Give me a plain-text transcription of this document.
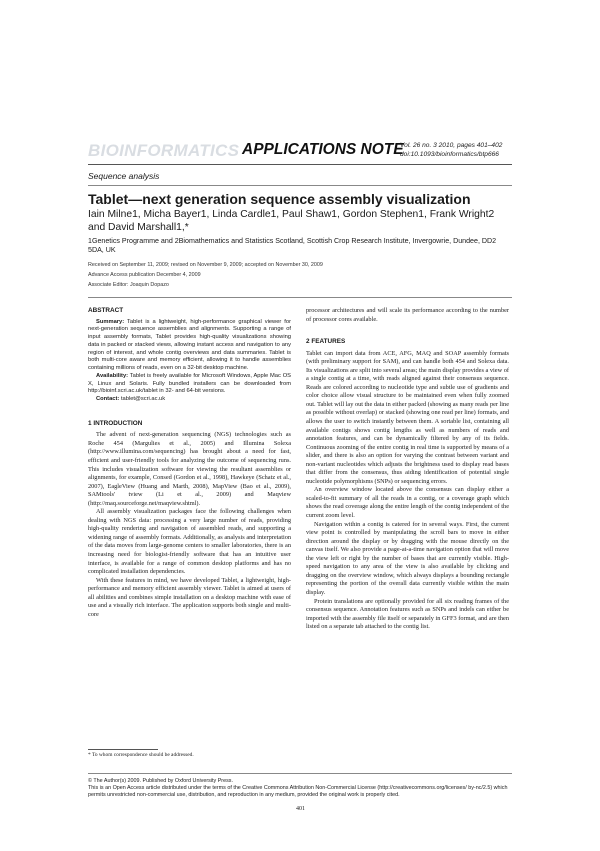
BIOINFORMATICS APPLICATIONS NOTE
Vol. 26 no. 3 2010, pages 401–402
doi:10.1093/bioinformatics/btp666
Sequence analysis
Tablet—next generation sequence assembly visualization
Iain Milne1, Micha Bayer1, Linda Cardle1, Paul Shaw1, Gordon Stephen1, Frank Wright2
and David Marshall1,*
1Genetics Programme and 2Biomathematics and Statistics Scotland, Scottish Crop Research Institute, Invergowrie, Dundee, DD2 5DA, UK
Received on September 11, 2009; revised on November 9, 2009; accepted on November 30, 2009
Advance Access publication December 4, 2009
Associate Editor: Joaquin Dopazo
ABSTRACT

Summary: Tablet is a lightweight, high-performance graphical viewer for next-generation sequence assemblies and alignments. Supporting a range of input assembly formats, Tablet provides high-quality visualizations showing data in packed or stacked views, allowing instant access and navigation to any region of interest, and whole contig overviews and data summaries. Tablet is both multi-core aware and memory efficient, allowing it to handle assemblies containing millions of reads, even on a 32-bit desktop machine.

Availability: Tablet is freely available for Microsoft Windows, Apple Mac OS X, Linux and Solaris. Fully bundled installers can be downloaded from http://bioinf.scri.ac.uk/tablet in 32- and 64-bit versions.

Contact: tablet@scri.ac.uk

1 INTRODUCTION

The advent of next-generation sequencing (NGS) technologies such as Roche 454 (Margulies et al., 2005) and Illumina Solexa (http://www.illumina.com/sequencing) has brought about a need for fast, efficient and user-friendly tools for analyzing the outcome of sequencing runs. This includes visualization software for viewing the resultant assemblies or alignments, for example, Consed (Gordon et al., 1998), Hawkeye (Schatz et al., 2007), EagleView (Huang and Marth, 2008), MapView (Bao et al., 2009), SAMtools' tview (Li et al., 2009) and Maqview (http://maq.sourceforge.net/maqview.shtml).

All assembly visualization packages face the following challenges when dealing with NGS data: processing a very large number of reads, providing high-quality rendering and navigation of assembled reads, and supporting a widening range of assembly formats. Additionally, as analysis and interpretation of the data moves from large-genome centers to smaller laboratories, there is an increasing need for biologist-friendly software that has an intuitive user interface, is available for a range of common desktop platforms and has no complicated installation dependencies.

With these features in mind, we have developed Tablet, a lightweight, high-performance and memory efficient assembly viewer. Tablet is aimed at users of all abilities and combines simple installation on a desktop machine with ease of use and a visually rich interface. The application supports both single and multi-core

processor architectures and will scale its performance according to the number of processor cores available.

2 FEATURES

Tablet can import data from ACE, AFG, MAQ and SOAP assembly formats (with preliminary support for SAM), and can handle both 454 and Solexa data. Its visualizations are split into several areas; the main display provides a view of a single contig at a time, with reads aligned against their consensus sequence. Reads are colored according to nucleotide type and subtle use of gradients and color choice allow visual structure to be maintained even when fully zoomed out. Tablet will lay out the data in either packed (showing as many reads per line as possible without overlap) or stacked (showing one read per line) formats, and allows the user to switch instantly between them. A sortable list, containing all available contigs shows contig lengths as well as numbers of reads and annotation features, and can be dynamically filtered by any of its fields. Continuous zooming of the entire contig in real time is supported by means of a slider, and there is also an option for varying the contrast between variant and non-variant nucleotides which adjusts the brightness used to display read bases that differ from the consensus, thus aiding identification of potential single nucleotide polymorphisms (SNPs) or sequencing errors.

An overview window located above the consensus can display either a scaled-to-fit summary of all the reads in a contig, or a coverage graph which shows the read coverage along the entire length of the contig independent of the current zoom level.

Navigation within a contig is catered for in several ways. First, the current view point is controlled by manipulating the scroll bars to move in either direction around the display or by dragging with the mouse directly on the canvas itself. We also provide a page-at-a-time navigation option that will move the view left or right by the number of bases that are currently visible. High-speed navigation to any area of the view is also available by clicking and dragging on the overview window, which always displays a bounding rectangle representing the portion of the overall data currently visible within the main display.

Protein translations are optionally provided for all six reading frames of the consensus sequence. Annotation features such as SNPs and indels can either be imported with the assembly file itself or separately in GFF3 format, and are then listed on a separate tab attached to the contig list.

* To whom correspondence should be addressed.

© The Author(s) 2009. Published by Oxford University Press.

This is an Open Access article distributed under the terms of the Creative Commons Attribution Non-Commercial License (http://creativecommons.org/licenses/ by-nc/2.5) which permits unrestricted non-commercial use, distribution, and reproduction in any medium, provided the original work is properly cited.

401
